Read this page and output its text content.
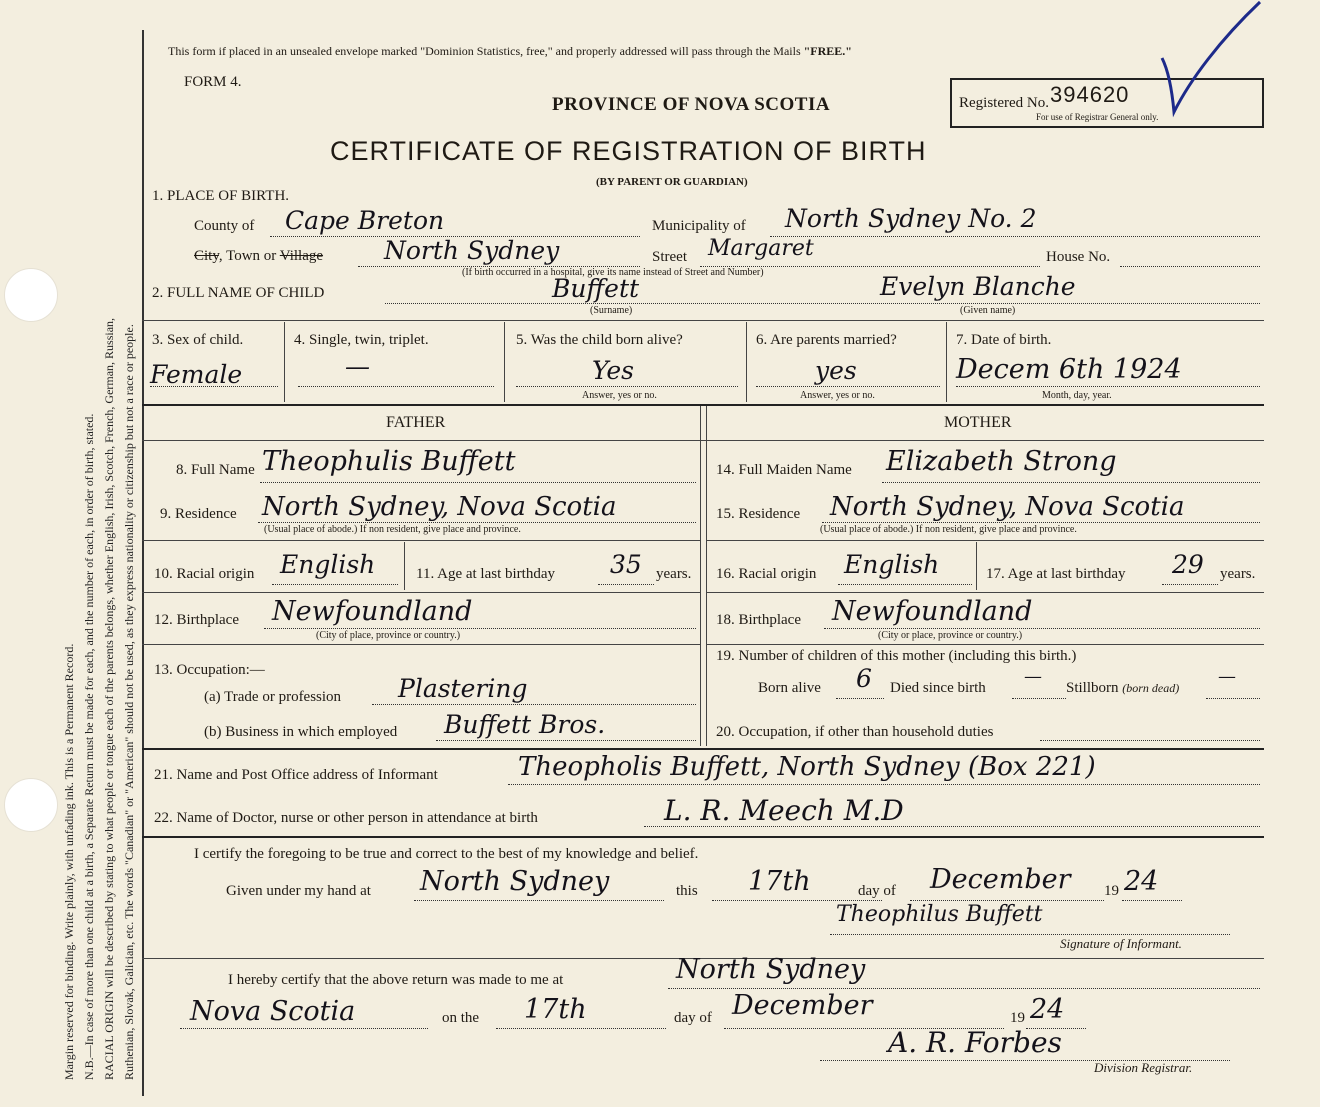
Margin reserved for binding. Write plainly, with unfading ink. This is a Permanent Record. N.B.—In case of more than one child at a birth, a Separate Return must be made for each, and the number of each, in order of birth, stated. RACIAL ORIGIN will be described by stating to what people or tongue each of the parents belongs, whether English, Irish, Scotch, French, German, Russian, Ruthenian, Slovak, Galician, etc. The words "Canadian" or "American" should not be used, as they express nationality or citizenship but not a race or people.
This form if placed in an unsealed envelope marked "Dominion Statistics, free," and properly addressed will pass through the Mails "FREE."
FORM 4.
PROVINCE OF NOVA SCOTIA
CERTIFICATE OF REGISTRATION OF BIRTH
(BY PARENT OR GUARDIAN)
Registered No. 394620
For use of Registrar General only.
1. PLACE OF BIRTH.
County of Cape Breton	Municipality of North Sydney No. 2
City, Town or Village North Sydney	Street Margaret	House No.
(If birth occurred in a hospital, give its name instead of Street and Number)
2. FULL NAME OF CHILD	Buffett
(Surname)
Evelyn Blanche
(Given name)
3. Sex of child.
Female
4. Single, twin, triplet.
—
5. Was the child born alive?
Yes
Answer, yes or no.
6. Are parents married?
yes
Answer, yes or no.
7. Date of birth.
Decem 6th 1924
Month, day, year.
FATHER	MOTHER
8. Full Name Theophulis Buffett
9. Residence North Sydney, Nova Scotia
(Usual place of abode.) If non resident, give place and province.
10. Racial origin English	11. Age at last birthday 35 years.
12. Birthplace Newfoundland
(City of place, province or country.)
13. Occupation:—
(a) Trade or profession Plastering
(b) Business in which employed Buffett Bros.
14. Full Maiden Name Elizabeth Strong
15. Residence North Sydney, Nova Scotia
(Usual place of abode.) If non resident, give place and province.
16. Racial origin English	17. Age at last birthday 29 years.
18. Birthplace Newfoundland
(City or place, province or country.)
19. Number of children of this mother (including this birth.)
Born alive 6 Died since birth
—
Stillborn (born dead)
—
20. Occupation, if other than household duties
21. Name and Post Office address of Informant	Theopholis Buffett, North Sydney (Box 221)
22. Name of Doctor, nurse or other person in attendance at birth	L. R. Meech M.D
I certify the foregoing to be true and correct to the best of my knowledge and belief.
Given under my hand at North Sydney	this 17th	day of December 19 24
Theophilus Buffett
Signature of Informant.
I hereby certify that the above return was made to me at	North Sydney
Nova Scotia	on the 17th	day of December	19 24
A. R. Forbes
Division Registrar.
